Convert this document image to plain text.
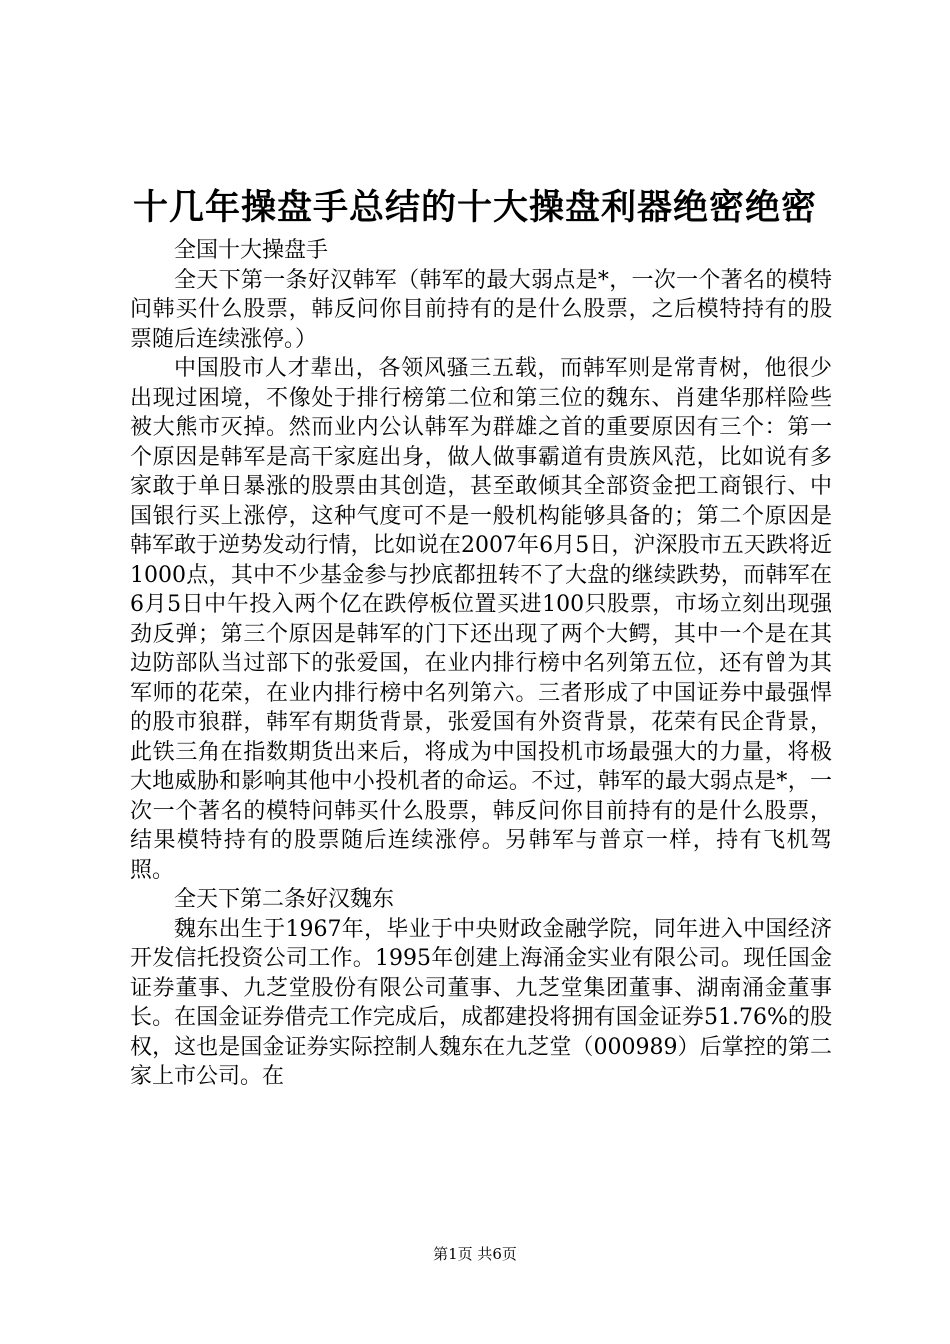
十几年操盘手总结的十大操盘利器绝密绝密

全国十大操盘手

全天下第一条好汉韩军（韩军的最大弱点是*，一次一个著名的模特问韩买什么股票，韩反问你目前持有的是什么股票，之后模特持有的股票随后连续涨停。）

中国股市人才辈出，各领风骚三五载，而韩军则是常青树，他很少出现过困境，不像处于排行榜第二位和第三位的魏东、肖建华那样险些被大熊市灭掉。然而业内公认韩军为群雄之首的重要原因有三个：第一个原因是韩军是高干家庭出身，做人做事霸道有贵族风范，比如说有多家敢于单日暴涨的股票由其创造，甚至敢倾其全部资金把工商银行、中国银行买上涨停，这种气度可不是一般机构能够具备的；第二个原因是韩军敢于逆势发动行情，比如说在2007年6月5日，沪深股市五天跌将近1000点，其中不少基金参与抄底都扭转不了大盘的继续跌势，而韩军在6月5日中午投入两个亿在跌停板位置买进100只股票，市场立刻出现强劲反弹；第三个原因是韩军的门下还出现了两个大鳄，其中一个是在其边防部队当过部下的张爱国，在业内排行榜中名列第五位，还有曾为其军师的花荣，在业内排行榜中名列第六。三者形成了中国证券中最强悍的股市狼群，韩军有期货背景，张爱国有外资背景，花荣有民企背景，此铁三角在指数期货出来后，将成为中国投机市场最强大的力量，将极大地威胁和影响其他中小投机者的命运。不过，韩军的最大弱点是*，一次一个著名的模特问韩买什么股票，韩反问你目前持有的是什么股票，结果模特持有的股票随后连续涨停。另韩军与普京一样，持有飞机驾照。

全天下第二条好汉魏东

魏东出生于1967年，毕业于中央财政金融学院，同年进入中国经济开发信托投资公司工作。1995年创建上海涌金实业有限公司。现任国金证券董事、九芝堂股份有限公司董事、九芝堂集团董事、湖南涌金董事长。在国金证券借壳工作完成后，成都建投将拥有国金证券51.76%的股权，这也是国金证券实际控制人魏东在九芝堂（000989）后掌控的第二家上市公司。在

第1页 共6页
